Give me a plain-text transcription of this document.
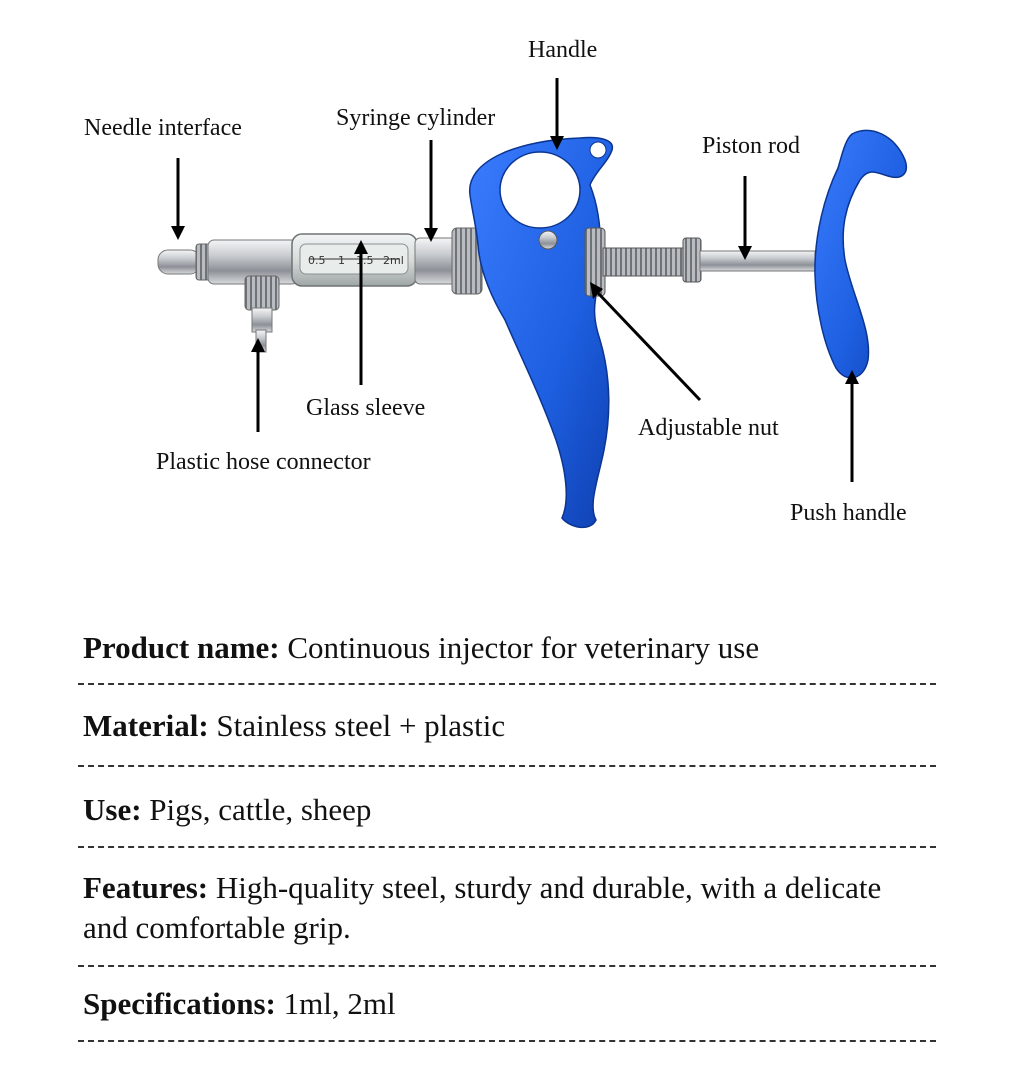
0.5 1 1.5 2ml
Needle interface	Syringe cylinder
Handle
Piston rod
Glass sleeve
Plastic hose connector
Adjustable nut
Push handle
Product name: Continuous injector for veterinary use
Material: Stainless steel + plastic
Use: Pigs, cattle, sheep
Features: High-quality steel, sturdy and durable, with a delicate and comfortable grip.
Specifications: 1ml, 2ml
